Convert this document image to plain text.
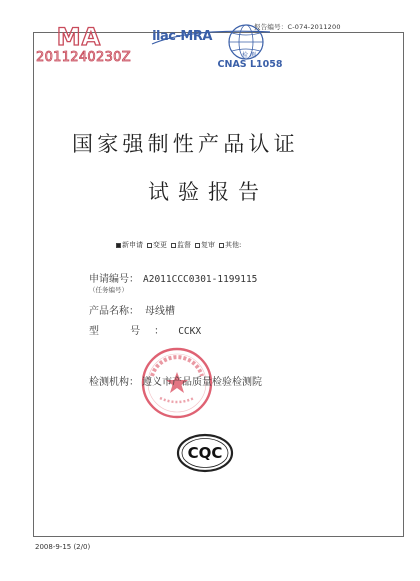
报告编号：C-074-2011200
MA
2011240230Z
ilac-MRA
检 测
CNAS L1058
国家强制性产品认证
试验报告
新申请 变更 监督 复审 其他:
申请编号： A2011CCC0301-1199115
（任务编号）
产品名称： 母线槽
型 号：CCKX
检测机构： 遵义市产品质量检验检测院
CQC
2008-9-15 (2/0)
